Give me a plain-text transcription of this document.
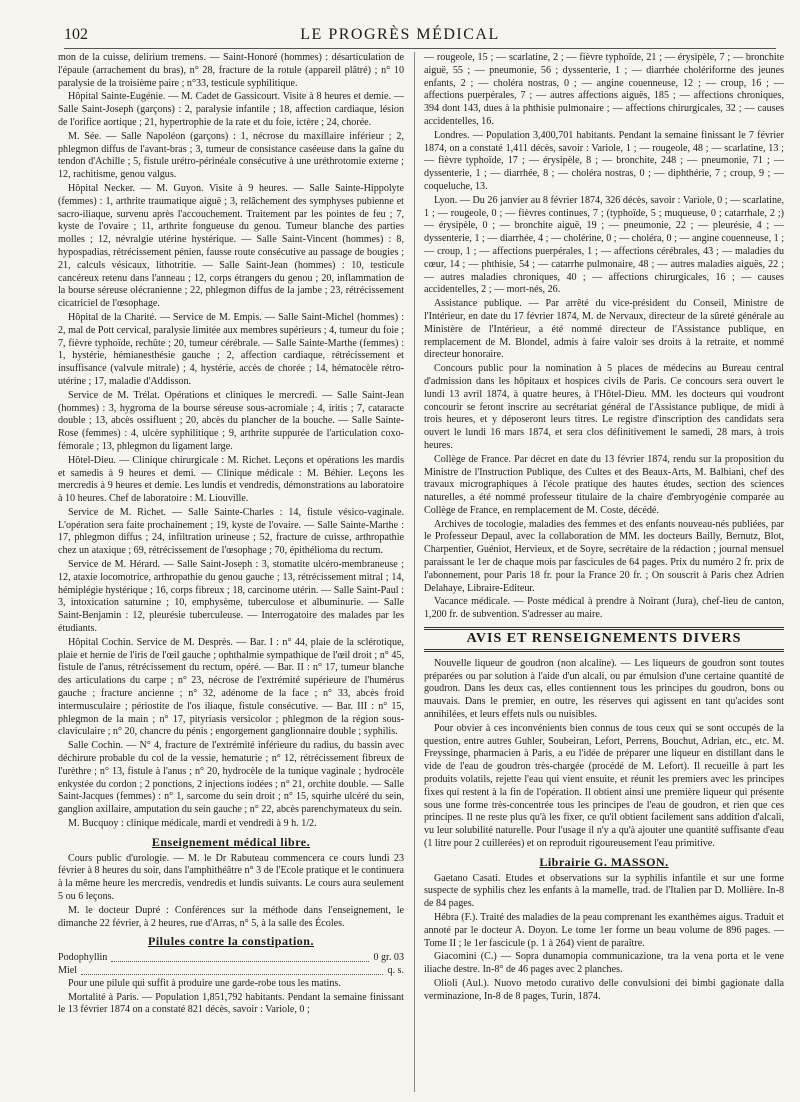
102	LE PROGRÈS MÉDICAL

mon de la cuisse, delirium tremens. — Saint-Honoré (hommes) : désarticulation de l'épaule (arrachement du bras), n° 28, fracture de la rotule (appareil plâtré) ; n° 10 paralysie de la troisième paire ; n°33, testicule syphilitique.

Hôpital Sainte-Eugénie. — M. Cadet de Gassicourt. Visite à 8 heures et demie. — Salle Saint-Joseph (garçons) : 2, paralysie infantile ; 18, affection cardiaque, lésion de l'orifice aortique ; 21, hypertrophie de la rate et du foie, ictère ; 24, chorée.

M. Sée. — Salle Napoléon (garçons) : 1, nécrose du maxillaire inférieur ; 2, phlegmon diffus de l'avant-bras ; 3, tumeur de consistance caséeuse dans la gaîne du tendon d'Achille ; 5, fistule urétro-périnéale consécutive à une uréthrotomie externe ; 12, rachitisme, genou valgus.

Hôpital Necker. — M. Guyon. Visite à 9 heures. — Salle Sainte-Hippolyte (femmes) : 1, arthrite traumatique aiguë ; 3, relâchement des symphyses pubienne et sacro-iliaque, survenu après l'accouchement. Traitement par les pointes de feu ; 7, kyste de l'ovaire ; 11, arthrite fongueuse du genou. Tumeur blanche des parties molles ; 12, névralgie utérine hystérique. — Salle Saint-Vincent (hommes) : 8, hypospadias, rétrécissement pénien, fausse route consécutive au passage de bougies ; 21, calculs vésicaux, lithotritie. — Salle Saint-Jean (hommes) : 10, testicule cancéreux retenu dans l'anneau ; 12, corps étrangers du genou ; 20, inflammation de la bourse séreuse olécranienne ; 22, phlegmon diffus de la jambe ; 23, rétrécissement cicatriciel de l'œsophage.

Hôpital de la Charité. — Service de M. Empis. — Salle Saint-Michel (hommes) : 2, mal de Pott cervical, paralysie limitée aux membres supérieurs ; 4, tumeur du foie ; 7, fièvre typhoïde, rechûte ; 20, tumeur cérébrale. — Salle Sainte-Marthe (femmes) : 1, hystérie, hémianesthésie gauche ; 2, affection cardiaque, rétrécissement et insuffisance (valvule mitrale) ; 4, hystérie, accès de chorée ; 14, hématocèle rétro-utérine ; 17, maladie d'Addisson.

Service de M. Trélat. Opérations et cliniques le mercredi. — Salle Saint-Jean (hommes) : 3, hygroma de la bourse séreuse sous-acromiale ; 4, iritis ; 7, cataracte double ; 13, abcès ossifluent ; 20, abcès du plancher de la bouche. — Salle Sainte-Rose (femmes) : 4, ulcère syphilitique ; 9, arthrite suppurée de l'articulation coxo-fémorale ; 13, phlegmon du ligament large.

Hôtel-Dieu. — Clinique chirurgicale : M. Richet. Leçons et opérations les mardis et samedis à 9 heures et demi. — Clinique médicale : M. Béhier. Leçons les mercredis à 9 heures et demie. Les lundis et vendredis, démonstrations au laboratoire à 10 heures. Chef de laboratoire : M. Liouville.

Service de M. Richet. — Salle Sainte-Charles : 14, fistule vésico-vaginale. L'opération sera faite prochainement ; 19, kyste de l'ovaire. — Salle Sainte-Marthe : 17, phlegmon diffus ; 24, infiltration urineuse ; 52, fracture de cuisse, arthropathie chez un ataxique ; 69, rétrécissement de l'œsophage ; 70, épithélioma du rectum.

Service de M. Hérard. — Salle Saint-Joseph : 3, stomatite ulcéro-membraneuse ; 12, ataxie locomotrice, arthropathie du genou gauche ; 13, rétrécissement mitral ; 14, hémiplégie hystérique ; 16, corps fibreux ; 18, carcinome utérin. — Salle Saint-Paul : 3, intoxication saturnine ; 10, emphysème, tuberculose et albuminurie. — Salle Saint-Benjamin : 12, pleurésie tuberculeuse. — Interrogatoire des malades par les étudiants.

Hôpital Cochin. Service de M. Desprès. — Bar. I : n° 44, plaie de la sclérotique, plaie et hernie de l'iris de l'œil gauche ; ophthalmie sympathique de l'œil droit ; n° 45, fistule de l'anus, rétrécissement du rectum, opéré. — Bar. II : n° 17, tumeur blanche des articulations du carpe ; n° 23, nécrose de l'extrémité supérieure de l'humérus gauche ; fracture ancienne ; n° 32, adénome de la face ; n° 33, abcès froid intermusculaire ; périostite de l'os iliaque, fistule consécutive. — Bar. III : n° 15, phlegmon de la main ; n° 17, pityriasis versicolor ; phlegmon de la région sous-claviculaire ; n° 20, chancre du pénis ; engorgement ganglionnaire double ; syphilis.

Salle Cochin. — N° 4, fracture de l'extrémité inférieure du radius, du bassin avec déchirure probable du col de la vessie, hematurie ; n° 12, rétrécissement fibreux de l'urèthre ; n° 13, fistule à l'anus ; n° 20, hydrocèle de la tunique vaginale ; hydrocèle enkystée du cordon ; 2 ponctions, 2 injections iodées ; n° 21, orchite double. — Salle Saint-Jacques (femmes) : n° 1, sarcome du sein droit ; n° 15, squirhe ulcéré du sein, ganglion axillaire, amputation du sein gauche ; n° 22, abcès parenchymateux du sein.

M. Bucquoy : clinique médicale, mardi et vendredi à 9 h. 1/2.

Enseignement médical libre.

Cours public d'urologie. — M. le Dr Rabuteau commencera ce cours lundi 23 février à 8 heures du soir, dans l'amphithéâtre n° 3 de l'Ecole pratique et le continuera à la même heure les mercredis, vendredis et lundis suivants. Le cours aura seulement 5 ou 6 leçons.

M. le docteur Dupré : Conférences sur la méthode dans l'enseignement, le dimanche 22 février, à 2 heures, rue d'Arras, n° 5, à la salle des Écoles.

Pilules contre la constipation.
Podophyllin	0 gr. 03
Miel	q. s.

Pour une pilule qui suffit à produire une garde-robe tous les matins.

Mortalité à Paris. — Population 1,851,792 habitants. Pendant la semaine finissant le 13 février 1874 on a constaté 821 décès, savoir : Variole, 0 ;

— rougeole, 15 ; — scarlatine, 2 ; — fièvre typhoïde, 21 ; — érysipèle, 7 ; — bronchite aiguë, 55 ; — pneumonie, 56 ; dyssenterie, 1 ; — diarrhée cholériforme des jeunes enfants, 2 ; — choléra nostras, 0 ; — angine couenneuse, 12 ; — croup, 16 ; — affections puerpérales, 7 ; — autres affections aiguës, 185 ; — affections chroniques, 394 dont 143, dues à la phthisie pulmonaire ; — affections chirurgicales, 32 ; — causes accidentelles, 16.

Londres. — Population 3,400,701 habitants. Pendant la semaine finissant le 7 février 1874, on a constaté 1,411 décès, savoir : Variole, 1 ; — rougeole, 48 ; — scarlatine, 13 ; — fièvre typhoïde, 17 ; — érysipèle, 8 ; — bronchite, 248 ; — pneumonie, 71 ; — dyssenterie, 1 ; — diarrhée, 8 ; — choléra nostras, 0 ; — diphthérie, 7 ; croup, 9 ; — coqueluche, 13.

Lyon. — Du 26 janvier au 8 février 1874, 326 décès, savoir : Variole, 0 ; — scarlatine, 1 ; — rougeole, 0 ; — fièvres continues, 7 ; (typhoïde, 5 ; muqueuse, 0 ; catarrhale, 2 ;) — érysipèle, 0 ; — bronchite aiguë, 19 ; — pneumonie, 22 ; — pleurésie, 4 ; — dyssenterie, 1 ; — diarrhée, 4 ; — cholérine, 0 ; — choléra, 0 ; — angine couenneuse, 1 ; — croup, 1 ; — affections puerpérales, 1 ; — affections cérébrales, 43 ; — maladies du cœur, 14 ; — phthisie, 54 ; — catarrhe pulmonaire, 48 ; — autres maladies aiguës, 22 ; — autres maladies chroniques, 40 ; — affections chirurgicales, 16 ; — causes accidentelles, 2 ; — mort-nés, 26.

Assistance publique. — Par arrêté du vice-président du Conseil, Ministre de l'Intérieur, en date du 17 février 1874, M. de Nervaux, directeur de la sûreté générale au Ministère de l'Intérieur, a été nommé directeur de l'Assistance publique, en remplacement de M. Blondel, admis à faire valoir ses droits à la retraite, et nommé directeur honoraire.

Concours public pour la nomination à 5 places de médecins au Bureau central d'admission dans les hôpitaux et hospices civils de Paris. Ce concours sera ouvert le lundi 13 avril 1874, à quatre heures, à l'Hôtel-Dieu. MM. les docteurs qui voudront concourir se feront inscrire au secrétariat général de l'Assistance publique, de midi à trois heures, et y déposeront leurs titres. Le registre d'inscription des candidats sera ouvert le lundi 16 mars 1874, et sera clos définitivement le samedi, 28 mars, à trois heures.

Collège de France. Par décret en date du 13 février 1874, rendu sur la proposition du Ministre de l'Instruction Publique, des Cultes et des Beaux-Arts, M. Balbiani, chef des travaux micrographiques à l'école pratique des hautes études, section des sciences naturelles, a été nommé professeur titulaire de la chaire d'embryogénie comparée au Collège de France, en remplacement de M. Coste, décédé.

Archives de tocologie, maladies des femmes et des enfants nouveau-nés publiées, par le Professeur Depaul, avec la collaboration de MM. les docteurs Bailly, Bernutz, Blot, Charpentier, Guéniot, Hervieux, et de Soyre, secrétaire de la rédaction ; journal mensuel paraissant le 1er de chaque mois par fascicules de 64 pages. Prix du numéro 2 fr. prix de l'abonnement, pour Paris 18 fr. pour la France 20 fr. ; On souscrit à Paris chez Adrien Delahaye, Libraire-Editeur.

Vacance médicale. — Poste médical à prendre à Noirant (Jura), chef-lieu de canton, 1,200 fr. de subvention. S'adresser au maire.

AVIS ET RENSEIGNEMENTS DIVERS

Nouvelle liqueur de goudron (non alcaline). — Les liqueurs de goudron sont toutes préparées ou par solution à l'aide d'un alcali, ou par émulsion d'une certaine quantité de goudron. Dans les deux cas, elles contiennent tous les principes du goudron, bons ou mauvais. Dans le premier, en outre, les réserves qui agissent en tant qu'acides sont annihilées, et leurs effets nuls ou nuisibles.

Pour obvier à ces inconvénients bien connus de tous ceux qui se sont occupés de la question, entre autres Guhler, Soubeiran, Lefort, Perrens, Bouchut, Adrian, etc., etc. M. Freyssinge, pharmacien à Paris, a eu l'idée de préparer une liqueur en distillant dans le vide de l'eau de goudron très-chargée (procédé de M. Lefort). Il recueille à part les produits volatils, rejette l'eau qui vient ensuite, et réunit les premiers avec les principes fixes qui restent à la fin de l'opération. Il obtient ainsi une première liqueur qui présente sous une forme très-concentrée tous les principes de l'eau de goudron, et rien que ces principes. Il ne reste plus qu'à les fixer, ce qu'il obtient facilement sans addition d'alcali, vu leur solubilité naturelle. Pour l'usage il n'y a qu'à ajouter une quantité suffisante d'eau (1 litre pour 2 cuillerées) et on reproduit rigoureusement l'eau primitive.

Librairie G. MASSON.

Gaetano Casati. Etudes et observations sur la syphilis infantile et sur une forme suspecte de syphilis chez les enfants à la mamelle, trad. de l'Italien par D. Mollière. In-8 de 84 pages.

Hébra (F.). Traité des maladies de la peau comprenant les exanthèmes aigus. Traduit et annoté par le docteur A. Doyon. Le tome 1er forme un beau volume de 896 pages. — Tome II ; le 1er fascicule (p. 1 à 264) vient de paraître.

Giacomini (C.) — Sopra dunamopia communicazione, tra la vena porta et le vene iliache destre. In-8° de 46 pages avec 2 planches.

Olioli (Aul.). Nuovo metodo curativo delle convulsioni dei bimbi gagionate dalla verminazione, In-8 de 8 pages, Turin, 1874.
